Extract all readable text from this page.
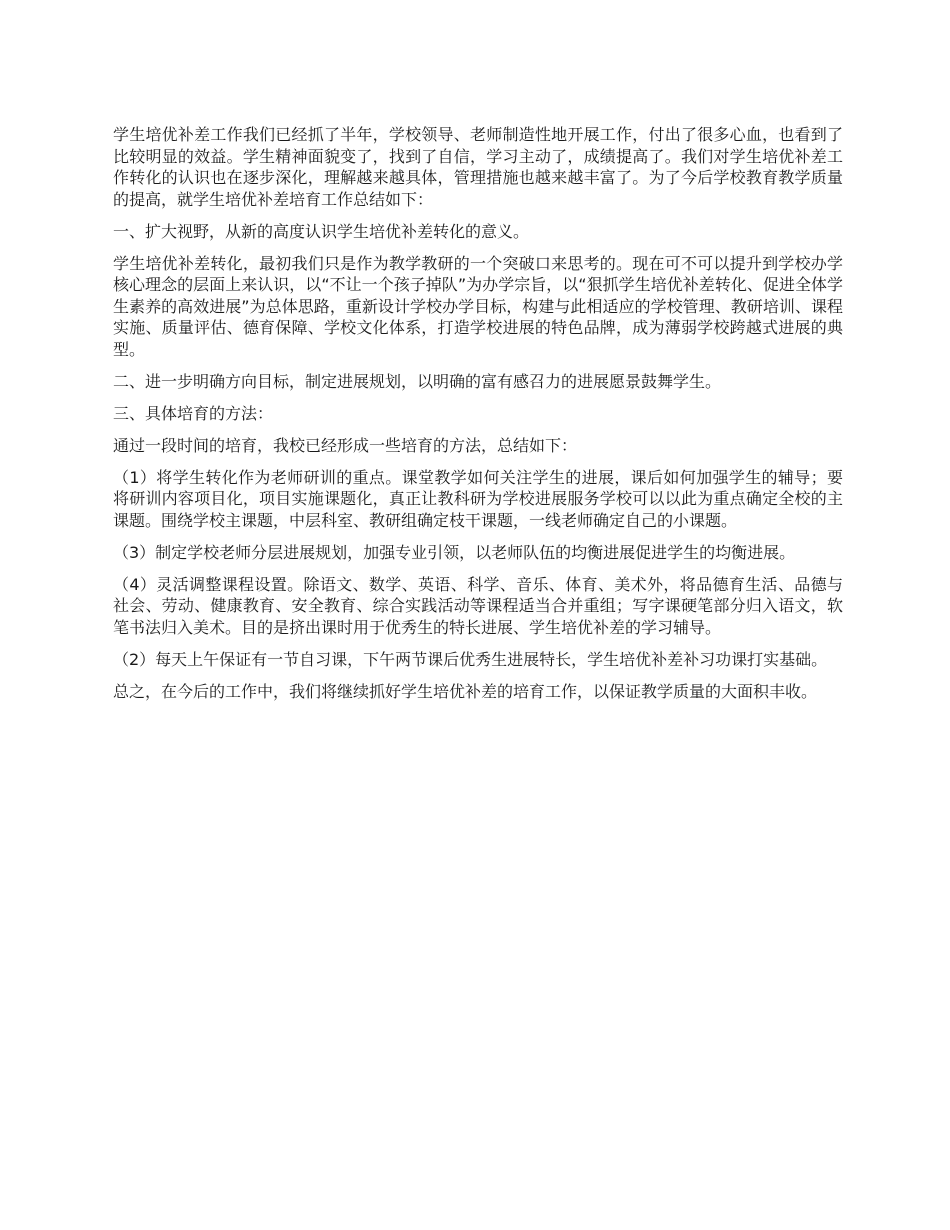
学生培优补差工作我们已经抓了半年，学校领导、老师制造性地开展工作，付出了很多心血，也看到了比较明显的效益。学生精神面貌变了，找到了自信，学习主动了，成绩提高了。我们对学生培优补差工作转化的认识也在逐步深化，理解越来越具体，管理措施也越来越丰富了。为了今后学校教育教学质量的提高，就学生培优补差培育工作总结如下：

一、扩大视野，从新的高度认识学生培优补差转化的意义。

学生培优补差转化，最初我们只是作为教学教研的一个突破口来思考的。现在可不可以提升到学校办学核心理念的层面上来认识，以“不让一个孩子掉队”为办学宗旨，以“狠抓学生培优补差转化、促进全体学生素养的高效进展”为总体思路，重新设计学校办学目标，构建与此相适应的学校管理、教研培训、课程实施、质量评估、德育保障、学校文化体系，打造学校进展的特色品牌，成为薄弱学校跨越式进展的典型。

二、进一步明确方向目标，制定进展规划，以明确的富有感召力的进展愿景鼓舞学生。

三、具体培育的方法：

通过一段时间的培育，我校已经形成一些培育的方法，总结如下：

（1）将学生转化作为老师研训的重点。课堂教学如何关注学生的进展，课后如何加强学生的辅导；要将研训内容项目化，项目实施课题化，真正让教科研为学校进展服务学校可以以此为重点确定全校的主课题。围绕学校主课题，中层科室、教研组确定枝干课题，一线老师确定自己的小课题。

（3）制定学校老师分层进展规划，加强专业引领，以老师队伍的均衡进展促进学生的均衡进展。

（4）灵活调整课程设置。除语文、数学、英语、科学、音乐、体育、美术外，将品德育生活、品德与社会、劳动、健康教育、安全教育、综合实践活动等课程适当合并重组；写字课硬笔部分归入语文，软笔书法归入美术。目的是挤出课时用于优秀生的特长进展、学生培优补差的学习辅导。

（2）每天上午保证有一节自习课，下午两节课后优秀生进展特长，学生培优补差补习功课打实基础。

总之，在今后的工作中，我们将继续抓好学生培优补差的培育工作，以保证教学质量的大面积丰收。
